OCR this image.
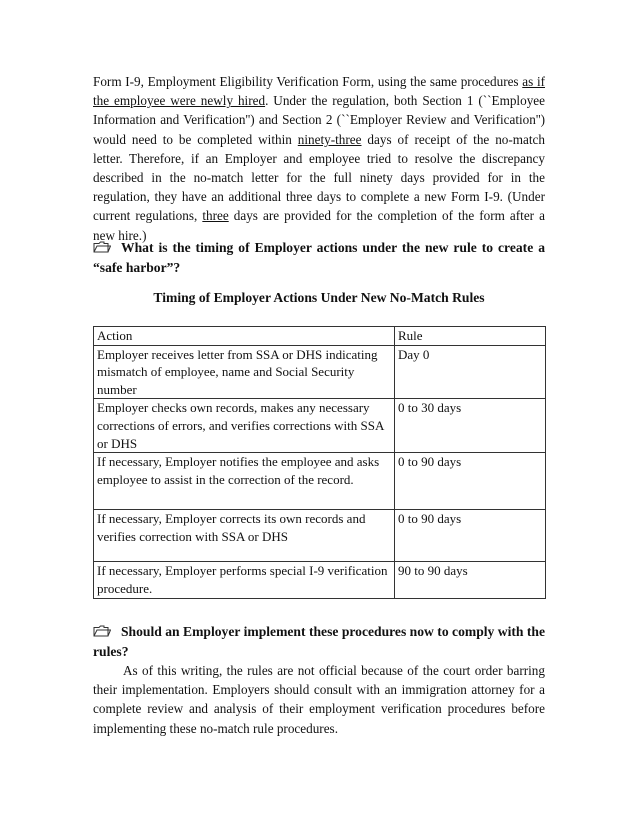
Form I-9, Employment Eligibility Verification Form, using the same procedures as if the employee were newly hired. Under the regulation, both Section 1 (``Employee Information and Verification'') and Section 2 (``Employer Review and Verification'') would need to be completed within ninety-three days of receipt of the no-match letter. Therefore, if an Employer and employee tried to resolve the discrepancy described in the no-match letter for the full ninety days provided for in the regulation, they have an additional three days to complete a new Form I-9. (Under current regulations, three days are provided for the completion of the form after a new hire.)

What is the timing of Employer actions under the new rule to create a “safe harbor”?
Timing of Employer Actions Under New No-Match Rules
Action	Rule
Employer receives letter from SSA or DHS indicating mismatch of employee, name and Social Security number	Day 0
Employer checks own records, makes any necessary corrections of errors, and verifies corrections with SSA or DHS	0 to 30 days
If necessary, Employer notifies the employee and asks employee to assist in the correction of the record.	0 to 90 days
If necessary, Employer corrects its own records and verifies correction with SSA or DHS	0 to 90 days
If necessary, Employer performs special I-9 verification procedure.	90 to 90 days
Should an Employer implement these procedures now to comply with the rules?
As of this writing, the rules are not official because of the court order barring their implementation. Employers should consult with an immigration attorney for a complete review and analysis of their employment verification procedures before implementing these no-match rule procedures.
